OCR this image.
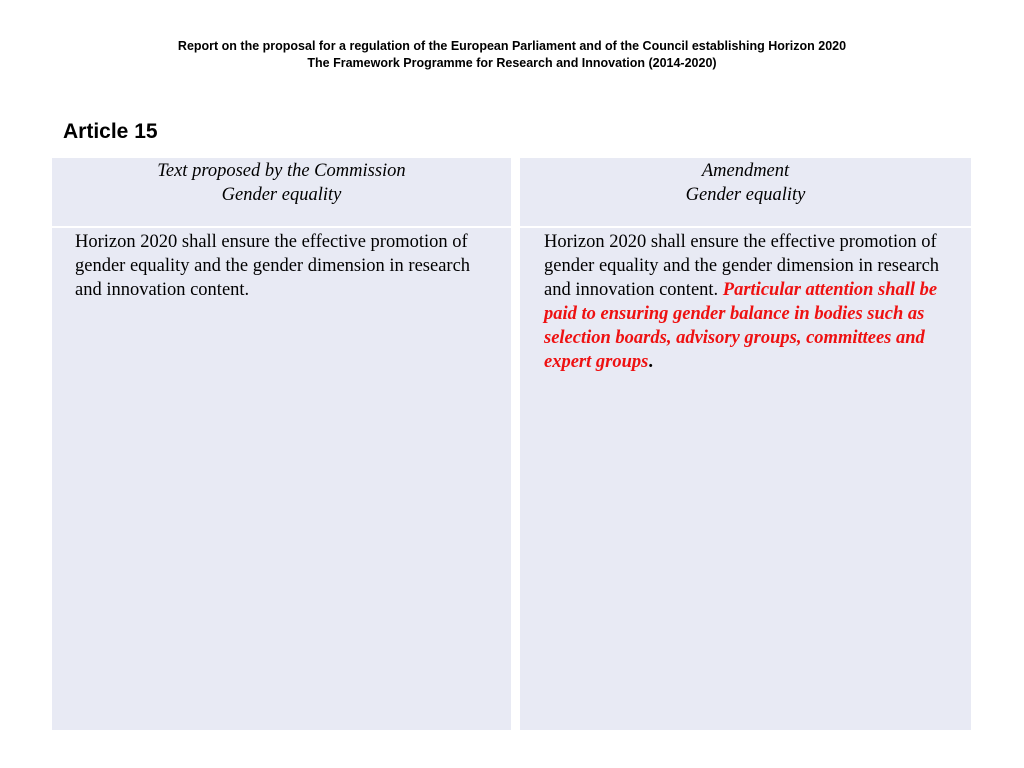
Report on the proposal for a regulation of the European Parliament and of the Council establishing Horizon 2020
The Framework Programme for Research and Innovation (2014-2020)
Article 15
Text proposed by the Commission
Gender equality
Horizon 2020 shall ensure the effective promotion of gender equality and the gender dimension in research and innovation content.
Amendment
Gender equality
Horizon 2020 shall ensure the effective promotion of gender equality and the gender dimension in research and innovation content. Particular attention shall be paid to ensuring gender balance in bodies such as selection boards, advisory groups, committees and expert groups.
